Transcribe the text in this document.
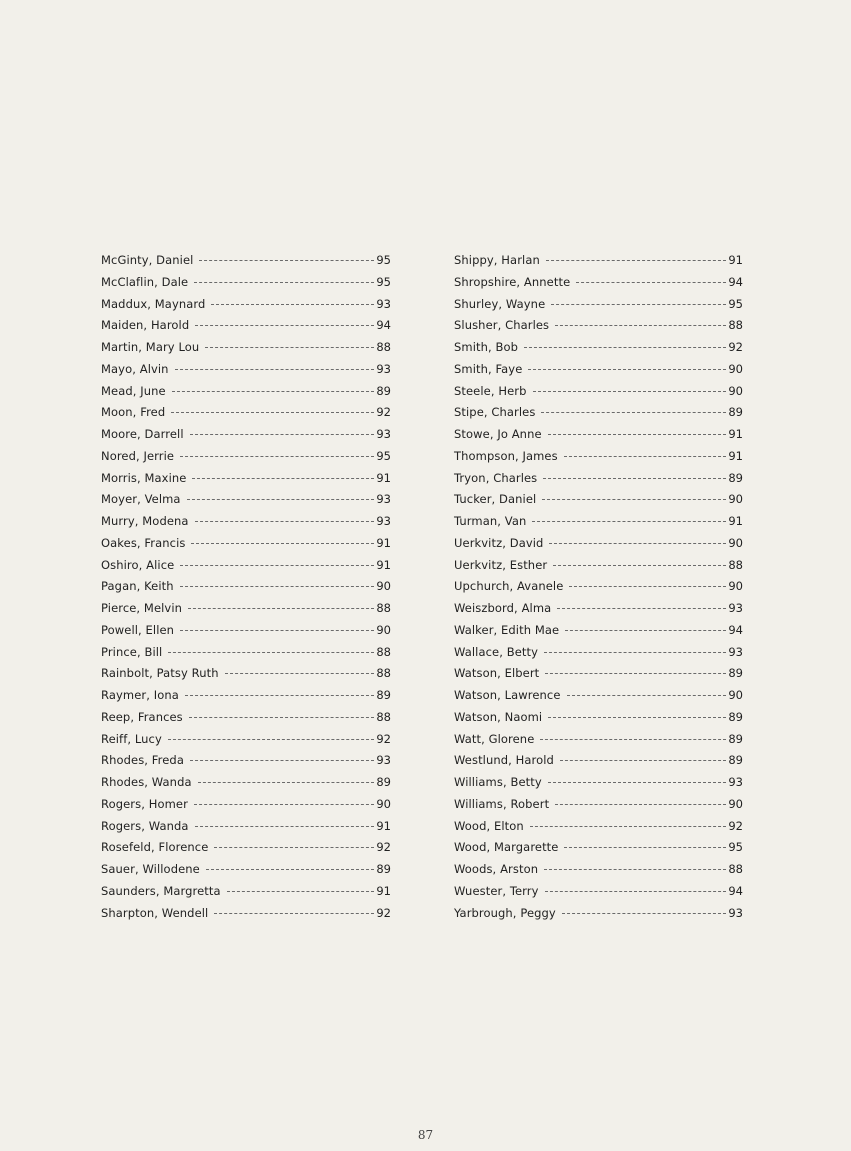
McGinty, Daniel	95
McClaflin, Dale	95
Maddux, Maynard	93
Maiden, Harold	94
Martin, Mary Lou	88
Mayo, Alvin	93
Mead, June	89
Moon, Fred	92
Moore, Darrell	93
Nored, Jerrie	95
Morris, Maxine	91
Moyer, Velma	93
Murry, Modena	93
Oakes, Francis	91
Oshiro, Alice	91
Pagan, Keith	90
Pierce, Melvin	88
Powell, Ellen	90
Prince, Bill	88
Rainbolt, Patsy Ruth	88
Raymer, Iona	89
Reep, Frances	88
Reiff, Lucy	92
Rhodes, Freda	93
Rhodes, Wanda	89
Rogers, Homer	90
Rogers, Wanda	91
Rosefeld, Florence	92
Sauer, Willodene	89
Saunders, Margretta	91
Sharpton, Wendell	92
Shippy, Harlan	91
Shropshire, Annette	94
Shurley, Wayne	95
Slusher, Charles	88
Smith, Bob	92
Smith, Faye	90
Steele, Herb	90
Stipe, Charles	89
Stowe, Jo Anne	91
Thompson, James	91
Tryon, Charles	89
Tucker, Daniel	90
Turman, Van	91
Uerkvitz, David	90
Uerkvitz, Esther	88
Upchurch, Avanele	90
Weiszbord, Alma	93
Walker, Edith Mae	94
Wallace, Betty	93
Watson, Elbert	89
Watson, Lawrence	90
Watson, Naomi	89
Watt, Glorene	89
Westlund, Harold	89
Williams, Betty	93
Williams, Robert	90
Wood, Elton	92
Wood, Margarette	95
Woods, Arston	88
Wuester, Terry	94
Yarbrough, Peggy	93
87
